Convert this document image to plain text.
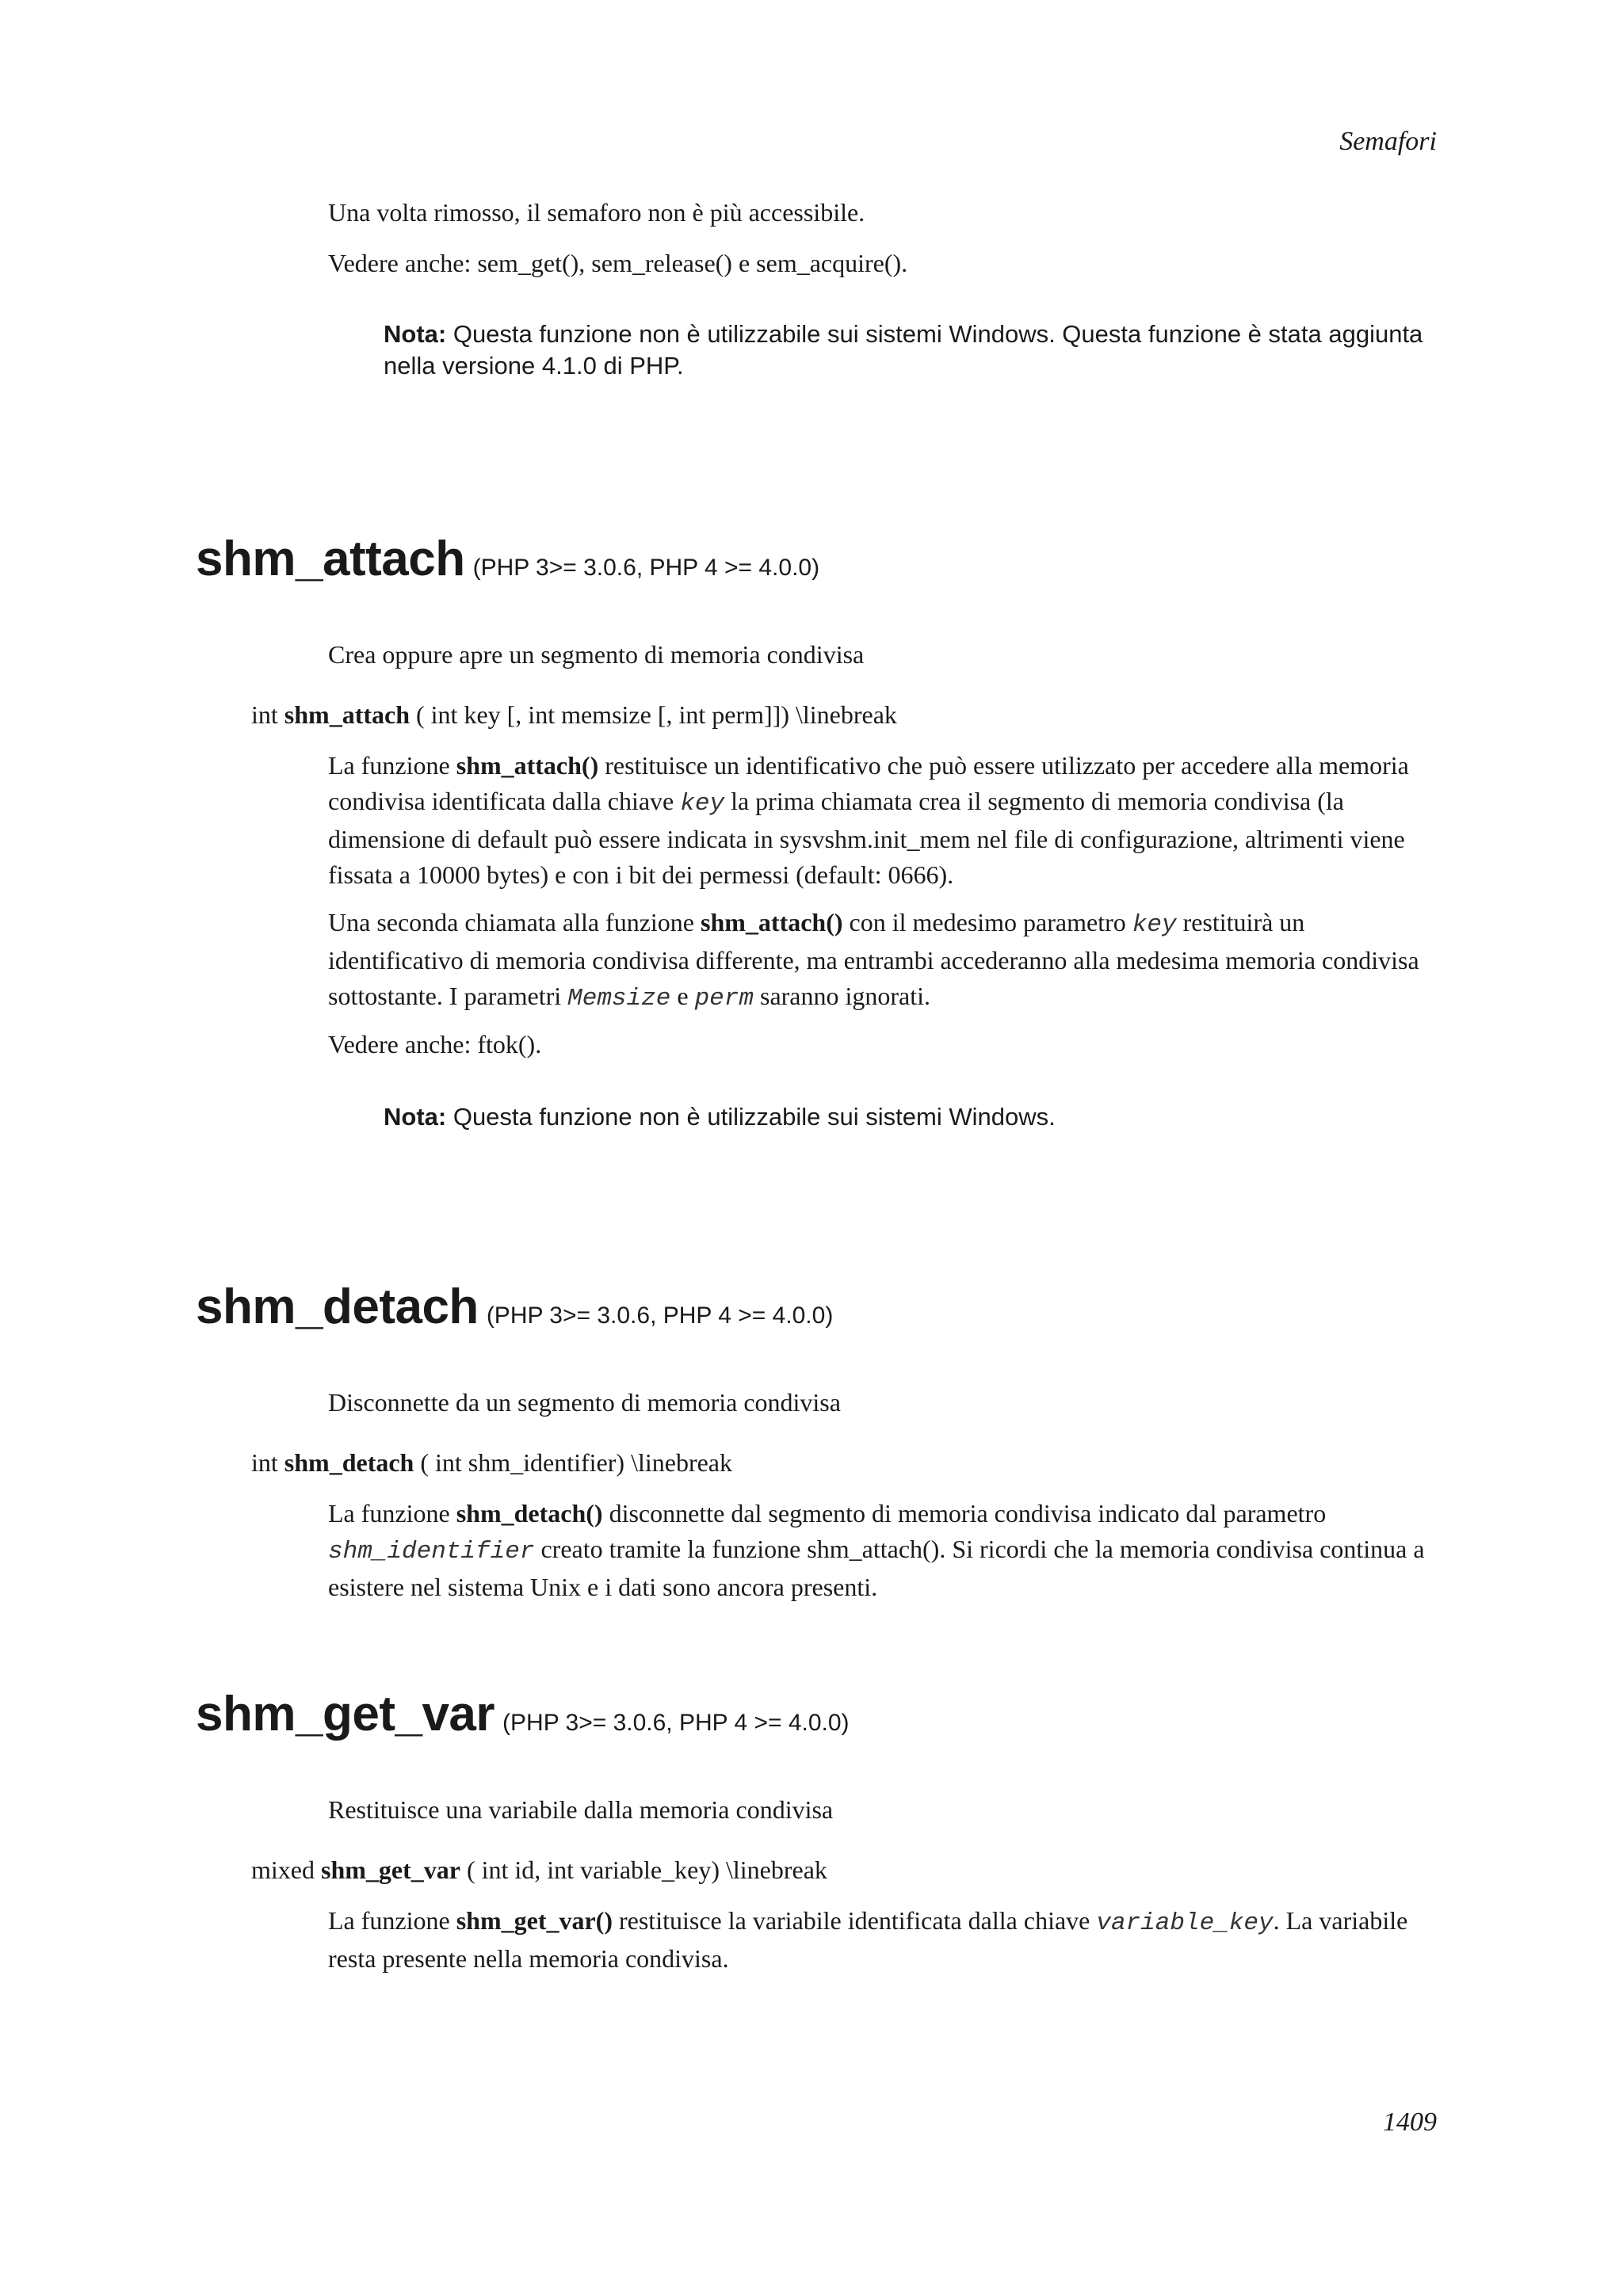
Semafori
Una volta rimosso, il semaforo non è più accessibile.
Vedere anche: sem_get(), sem_release() e sem_acquire().
Nota: Questa funzione non è utilizzabile sui sistemi Windows. Questa funzione è stata aggiunta nella versione 4.1.0 di PHP.
shm_attach (PHP 3>= 3.0.6, PHP 4 >= 4.0.0)
Crea oppure apre un segmento di memoria condivisa
int shm_attach ( int key [, int memsize [, int perm]]) \linebreak
La funzione shm_attach() restituisce un identificativo che può essere utilizzato per accedere alla memoria condivisa identificata dalla chiave key la prima chiamata crea il segmento di memoria condivisa (la dimensione di default può essere indicata in sysvshm.init_mem nel file di configurazione, altrimenti viene fissata a 10000 bytes) e con i bit dei permessi (default: 0666).
Una seconda chiamata alla funzione shm_attach() con il medesimo parametro key restituirà un identificativo di memoria condivisa differente, ma entrambi accederanno alla medesima memoria condivisa sottostante. I parametri Memsize e perm saranno ignorati.
Vedere anche: ftok().
Nota: Questa funzione non è utilizzabile sui sistemi Windows.
shm_detach (PHP 3>= 3.0.6, PHP 4 >= 4.0.0)
Disconnette da un segmento di memoria condivisa
int shm_detach ( int shm_identifier) \linebreak
La funzione shm_detach() disconnette dal segmento di memoria condivisa indicato dal parametro shm_identifier creato tramite la funzione shm_attach(). Si ricordi che la memoria condivisa continua a esistere nel sistema Unix e i dati sono ancora presenti.
shm_get_var (PHP 3>= 3.0.6, PHP 4 >= 4.0.0)
Restituisce una variabile dalla memoria condivisa
mixed shm_get_var ( int id, int variable_key) \linebreak
La funzione shm_get_var() restituisce la variabile identificata dalla chiave variable_key. La variabile resta presente nella memoria condivisa.
1409
